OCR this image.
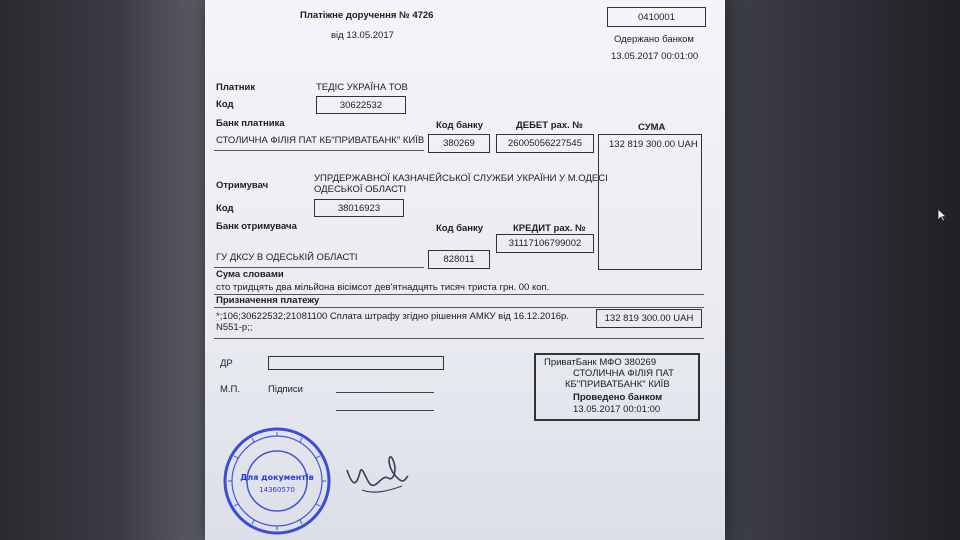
Платіжне доручення № 4726
від 13.05.2017
0410001
Одержано банком
13.05.2017 00:01:00
Платник	ТЕДІС УКРАЇНА ТОВ
Код	30622532
Банк платника	Код банку	ДЕБЕТ рах. №	СУМА
СТОЛИЧНА ФІЛІЯ ПАТ КБ"ПРИВАТБАНК" КИЇВ	380269	26005056227545	132 819 300.00 UAH
УПРДЕРЖАВНОЇ КАЗНАЧЕЙСЬКОЇ СЛУЖБИ УКРАЇНИ У М.ОДЕСІ
Отримувач	ОДЕСЬКОЇ ОБЛАСТІ
Код	38016923
Банк отримувача	Код банку	КРЕДИТ рах. №
31117106799002
ГУ ДКСУ В ОДЕСЬКІЙ ОБЛАСТІ	828011
Сума словами
сто тридцять два мільйона вісімсот дев'ятнадцять тисяч триста грн. 00 коп.
Призначення платежу
*;106;30622532;21081100 Сплата штрафу згідно рішення АМКУ від 16.12.2016р.
N551-р;;
132 819 300.00 UAH
ДР
М.П.	Підписи
ПриватБанк МФО 380269
СТОЛИЧНА ФІЛІЯ ПАТ
КБ"ПРИВАТБАНК" КИЇВ
Проведено банком
13.05.2017 00:01:00
Для документів
14360570
